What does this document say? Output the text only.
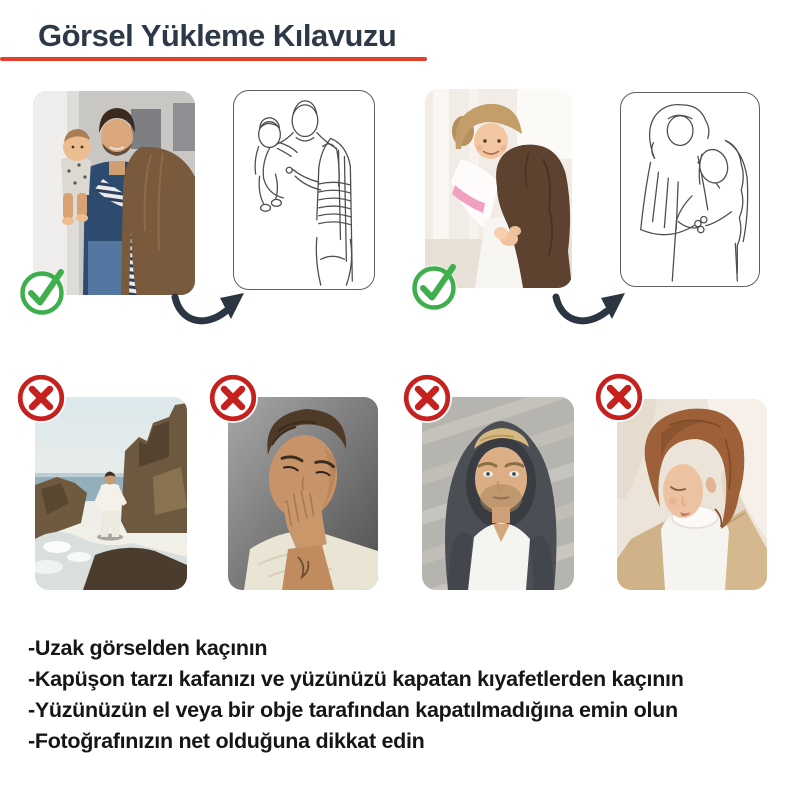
Görsel Yükleme Kılavuzu
-Uzak görselden kaçının
-Kapüşon tarzı kafanızı ve yüzünüzü kapatan kıyafetlerden kaçının
-Yüzünüzün el veya bir obje tarafından kapatılmadığına emin olun
-Fotoğrafınızın net olduğuna dikkat edin
